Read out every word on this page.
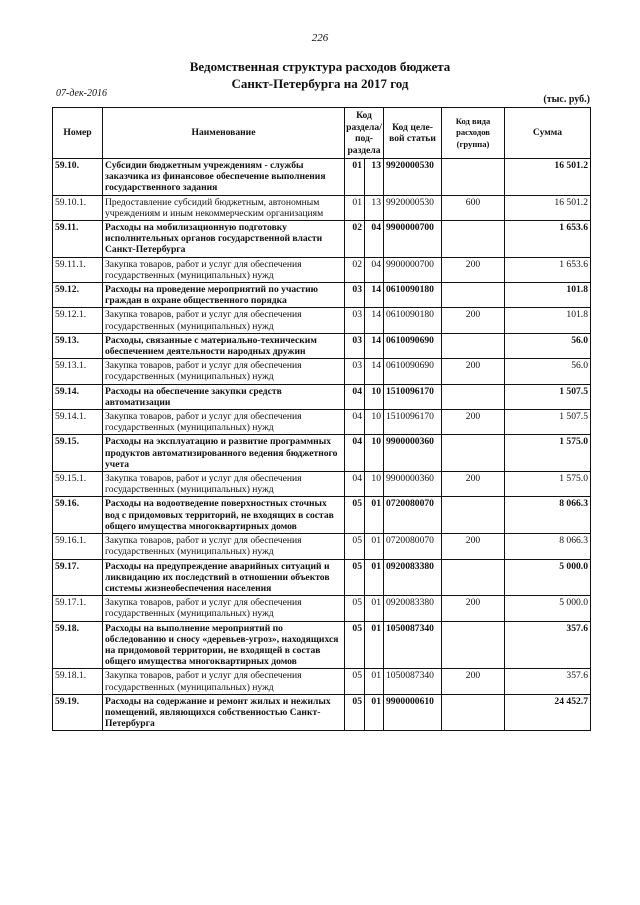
226
Ведомственная структура расходов бюджета
Санкт-Петербурга на 2017 год
07-дек-2016
(тыс. руб.)
Номер	Наименование	Код раздела/ под- раздела		Код целе- вой статьи	Код вида расходов (группа)	Сумма
59.10.	Субсидии бюджетным учреждениям - службы заказчика из финансовое обеспечение выполнения государственного задания	01	13	9920000530		16 501.2
59.10.1.	Предоставление субсидий бюджетным, автономным учреждениям и иным некоммерческим организациям	01	13	9920000530	600	16 501.2
59.11.	Расходы на мобилизационную подготовку исполнительных органов государственной власти Санкт-Петербурга	02	04	9900000700		1 653.6
59.11.1.	Закупка товаров, работ и услуг для обеспечения государственных (муниципальных) нужд	02	04	9900000700	200	1 653.6
59.12.	Расходы на проведение мероприятий по участию граждан в охране общественного порядка	03	14	0610090180		101.8
59.12.1.	Закупка товаров, работ и услуг для обеспечения государственных (муниципальных) нужд	03	14	0610090180	200	101.8
59.13.	Расходы, связанные с материально-техническим обеспечением деятельности народных дружин	03	14	0610090690		56.0
59.13.1.	Закупка товаров, работ и услуг для обеспечения государственных (муниципальных) нужд	03	14	0610090690	200	56.0
59.14.	Расходы на обеспечение закупки средств автоматизации	04	10	1510096170		1 507.5
59.14.1.	Закупка товаров, работ и услуг для обеспечения государственных (муниципальных) нужд	04	10	1510096170	200	1 507.5
59.15.	Расходы на эксплуатацию и развитие программных продуктов автоматизированного ведения бюджетного учета	04	10	9900000360		1 575.0
59.15.1.	Закупка товаров, работ и услуг для обеспечения государственных (муниципальных) нужд	04	10	9900000360	200	1 575.0
59.16.	Расходы на водоотведение поверхностных сточных вод с придомовых территорий, не входящих в состав общего имущества многоквартирных домов	05	01	0720080070		8 066.3
59.16.1.	Закупка товаров, работ и услуг для обеспечения государственных (муниципальных) нужд	05	01	0720080070	200	8 066.3
59.17.	Расходы на предупреждение аварийных ситуаций и ликвидацию их последствий в отношении объектов системы жизнеобеспечения населения	05	01	0920083380		5 000.0
59.17.1.	Закупка товаров, работ и услуг для обеспечения государственных (муниципальных) нужд	05	01	0920083380	200	5 000.0
59.18.	Расходы на выполнение мероприятий по обследованию и сносу «деревьев-угроз», находящихся на придомовой территории, не входящей в состав общего имущества многоквартирных домов	05	01	1050087340		357.6
59.18.1.	Закупка товаров, работ и услуг для обеспечения государственных (муниципальных) нужд	05	01	1050087340	200	357.6
59.19.	Расходы на содержание и ремонт жилых и нежилых помещений, являющихся собственностью Санкт-Петербурга	05	01	9900000610		24 452.7
